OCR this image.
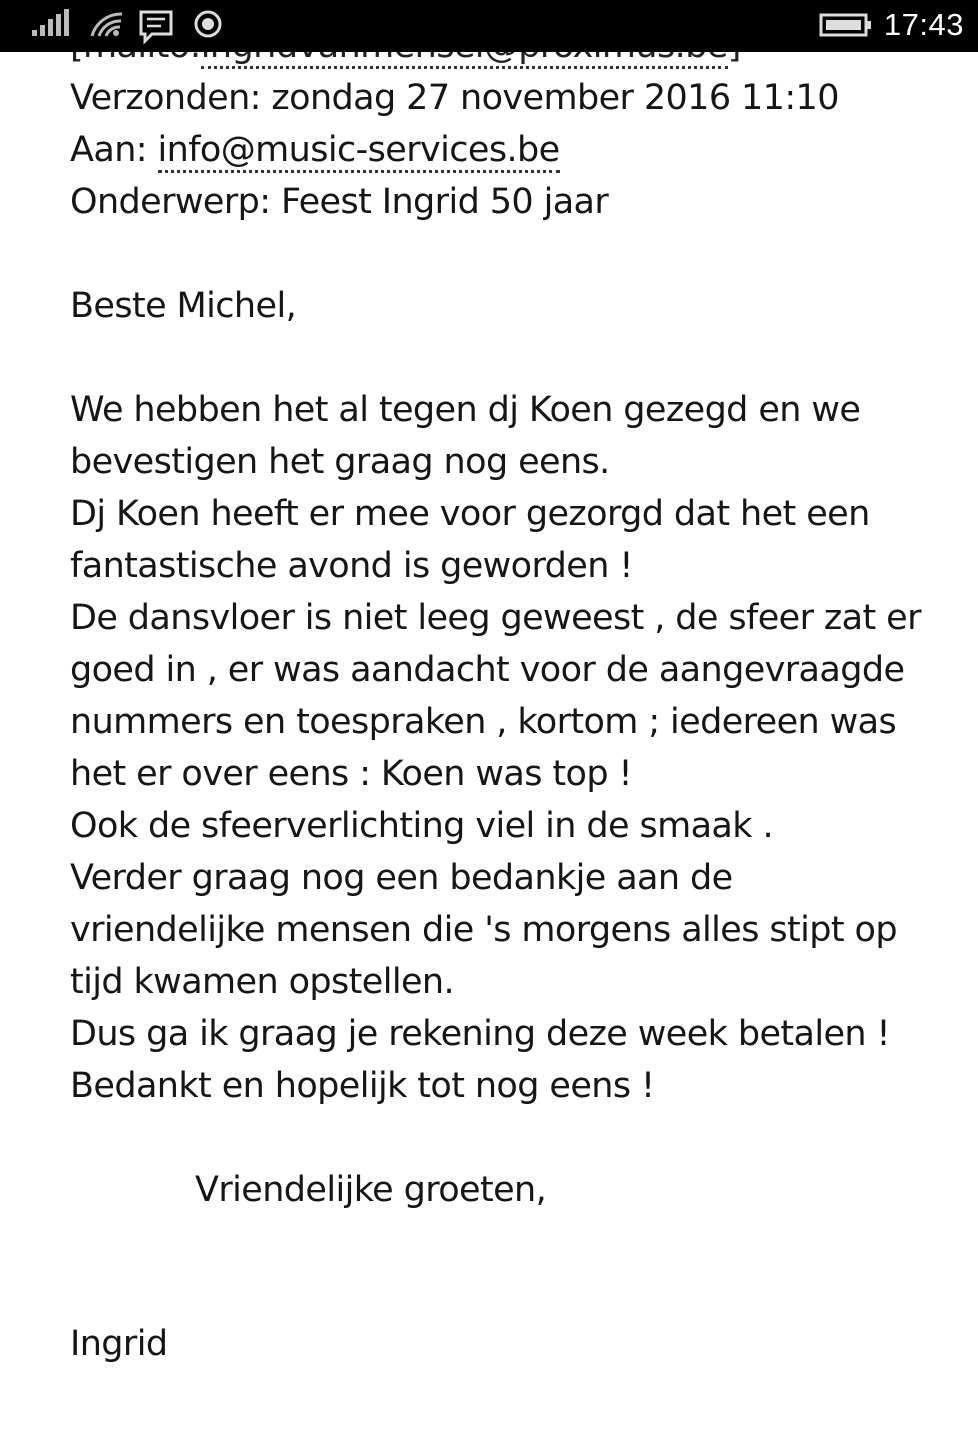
17:43
Verzonden: zondag 27 november 2016 11:10
Aan: info@music-services.be
Onderwerp: Feest Ingrid 50 jaar
Beste Michel,
We hebben het al tegen dj Koen gezegd en we
bevestigen het graag nog eens.
Dj Koen heeft er mee voor gezorgd dat het een
fantastische avond is geworden !
De dansvloer is niet leeg geweest , de sfeer zat er
goed in , er was aandacht voor de aangevraagde
nummers en toespraken , kortom ; iedereen was
het er over eens : Koen was top !
Ook de sfeerverlichting viel in de smaak .
Verder graag nog een bedankje aan de
vriendelijke mensen die 's morgens alles stipt op
tijd kwamen opstellen.
Dus ga ik graag je rekening deze week betalen !
Bedankt en hopelijk tot nog eens !
Vriendelijke groeten,
Ingrid
